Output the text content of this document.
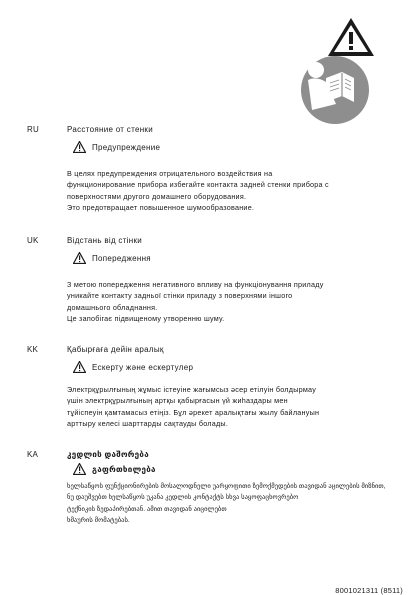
RU	Расстояние от стенки
Предупреждение

В целях предупреждения отрицательного воздействия на

функционирование прибора избегайте контакта задней стенки прибора с

поверхностями другого домашнего оборудования.

Это предотвращает повышенное шумообразование.

UK	Відстань від стінки
Попередження

З метою попередження негативного впливу на функціонування приладу

уникайте контакту задньої стінки приладу з поверхнями іншого

домашнього обладнання.

Це запобігає підвищеному утворенню шуму.

KK	Қабырғаға дейін аралық
Ескерту және ескертулер

Электрқұрылғының жұмыс істеуіне жағымсыз әсер етілуін болдырмау

үшін электрқұрылғының артқы қабырғасын үй жиһаздары мен

тұйіспеуін қамтамасыз етіңіз. Бұл әрекет аралықтағы жылу байлануын

арттыру келесі шарттарды сақтауды болады.

KA	კედლის დაშორება
გაფრთხილება

ხელსაწყოს ფუნქციონირების მოსალოდნელი უარყოფითი ზემოქმედების თავიდან აცილების მიზნით,

ნუ დაუშვებთ ხელსაწყოს უკანა კედლის კონტაქტს სხვა საყოფაცხოვრებო

ტექნიკის ზედაპირებთან. ამით თავიდან აიცილებთ

ხმაურის მომატებას.

8001021311 (8511)
